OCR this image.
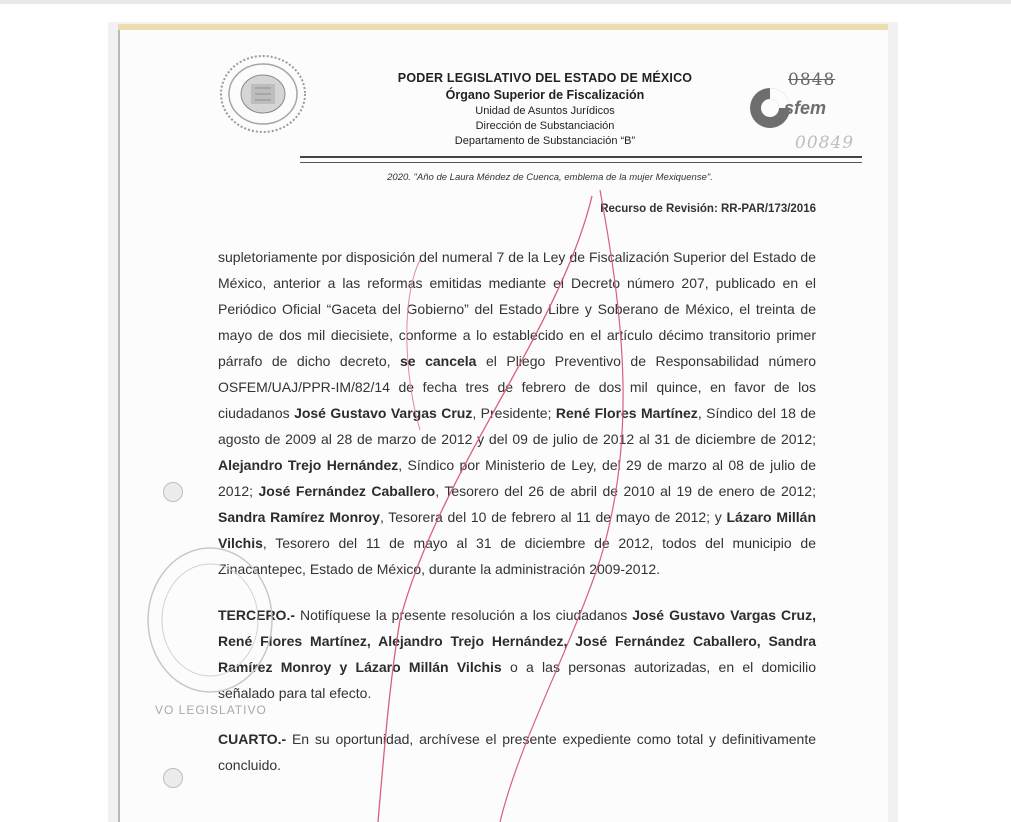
PODER LEGISLATIVO DEL ESTADO DE MÉXICO
Órgano Superior de Fiscalización
Unidad de Asuntos Jurídicos
Dirección de Substanciación
Departamento de Substanciación “B”
sfem
0848
00849
2020. "Año de Laura Méndez de Cuenca, emblema de la mujer Mexiquense".
Recurso de Revisión: RR-PAR/173/2016

supletoriamente por disposición del numeral 7 de la Ley de Fiscalización Superior del Estado de México, anterior a las reformas emitidas mediante el Decreto número 207, publicado en el Periódico Oficial “Gaceta del Gobierno” del Estado Libre y Soberano de México, el treinta de mayo de dos mil diecisiete, conforme a lo establecido en el artículo décimo transitorio primer párrafo de dicho decreto, se cancela el Pliego Preventivo de Responsabilidad número OSFEM/UAJ/PPR-IM/82/14 de fecha tres de febrero de dos mil quince, en favor de los ciudadanos José Gustavo Vargas Cruz, Presidente; René Flores Martínez, Síndico del 18 de agosto de 2009 al 28 de marzo de 2012 y del 09 de julio de 2012 al 31 de diciembre de 2012; Alejandro Trejo Hernández, Síndico por Ministerio de Ley, del 29 de marzo al 08 de julio de 2012; José Fernández Caballero, Tesorero del 26 de abril de 2010 al 19 de enero de 2012; Sandra Ramírez Monroy, Tesorera del 10 de febrero al 11 de mayo de 2012; y Lázaro Millán Vilchis, Tesorero del 11 de mayo al 31 de diciembre de 2012, todos del municipio de Zinacantepec, Estado de México, durante la administración 2009-2012.

TERCERO.- Notifíquese la presente resolución a los ciudadanos José Gustavo Vargas Cruz, René Flores Martínez, Alejandro Trejo Hernández, José Fernández Caballero, Sandra Ramírez Monroy y Lázaro Millán Vilchis o a las personas autorizadas, en el domicilio señalado para tal efecto.

CUARTO.- En su oportunidad, archívese el presente expediente como total y definitivamente concluido.

VO LEGISLATIVO
